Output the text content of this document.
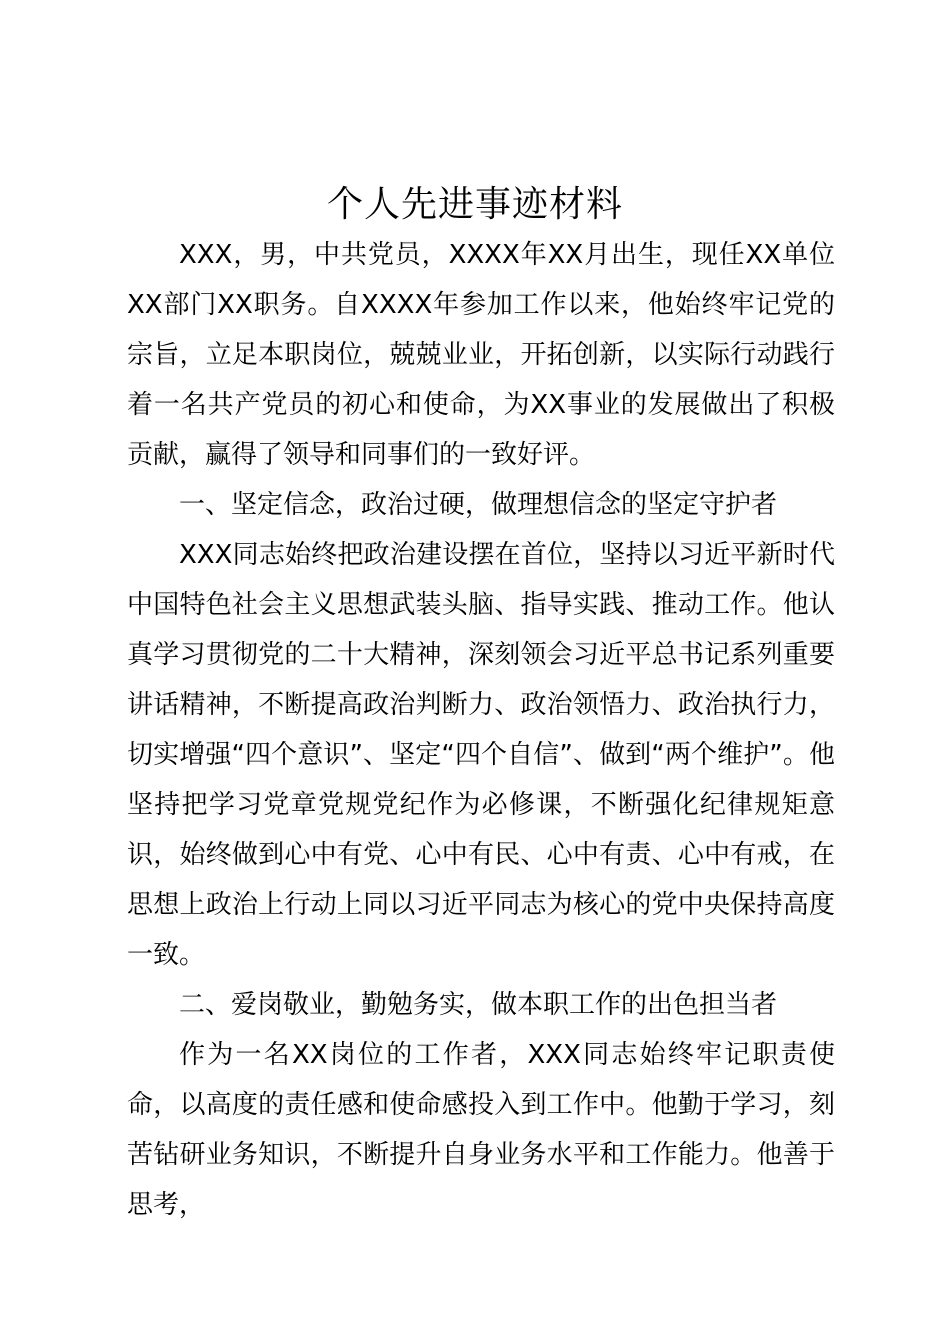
个人先进事迹材料

XXX，男，中共党员，XXXX年XX月出生，现任XX单位XX部门XX职务。自XXXX年参加工作以来，他始终牢记党的宗旨，立足本职岗位，兢兢业业，开拓创新，以实际行动践行着一名共产党员的初心和使命，为XX事业的发展做出了积极贡献，赢得了领导和同事们的一致好评。

一、坚定信念，政治过硬，做理想信念的坚定守护者

XXX同志始终把政治建设摆在首位，坚持以习近平新时代中国特色社会主义思想武装头脑、指导实践、推动工作。他认真学习贯彻党的二十大精神，深刻领会习近平总书记系列重要讲话精神，不断提高政治判断力、政治领悟力、政治执行力，切实增强“四个意识”、坚定“四个自信”、做到“两个维护”。他坚持把学习党章党规党纪作为必修课，不断强化纪律规矩意识，始终做到心中有党、心中有民、心中有责、心中有戒，在思想上政治上行动上同以习近平同志为核心的党中央保持高度一致。

二、爱岗敬业，勤勉务实，做本职工作的出色担当者

作为一名XX岗位的工作者，XXX同志始终牢记职责使命，以高度的责任感和使命感投入到工作中。他勤于学习，刻苦钻研业务知识，不断提升自身业务水平和工作能力。他善于思考，
